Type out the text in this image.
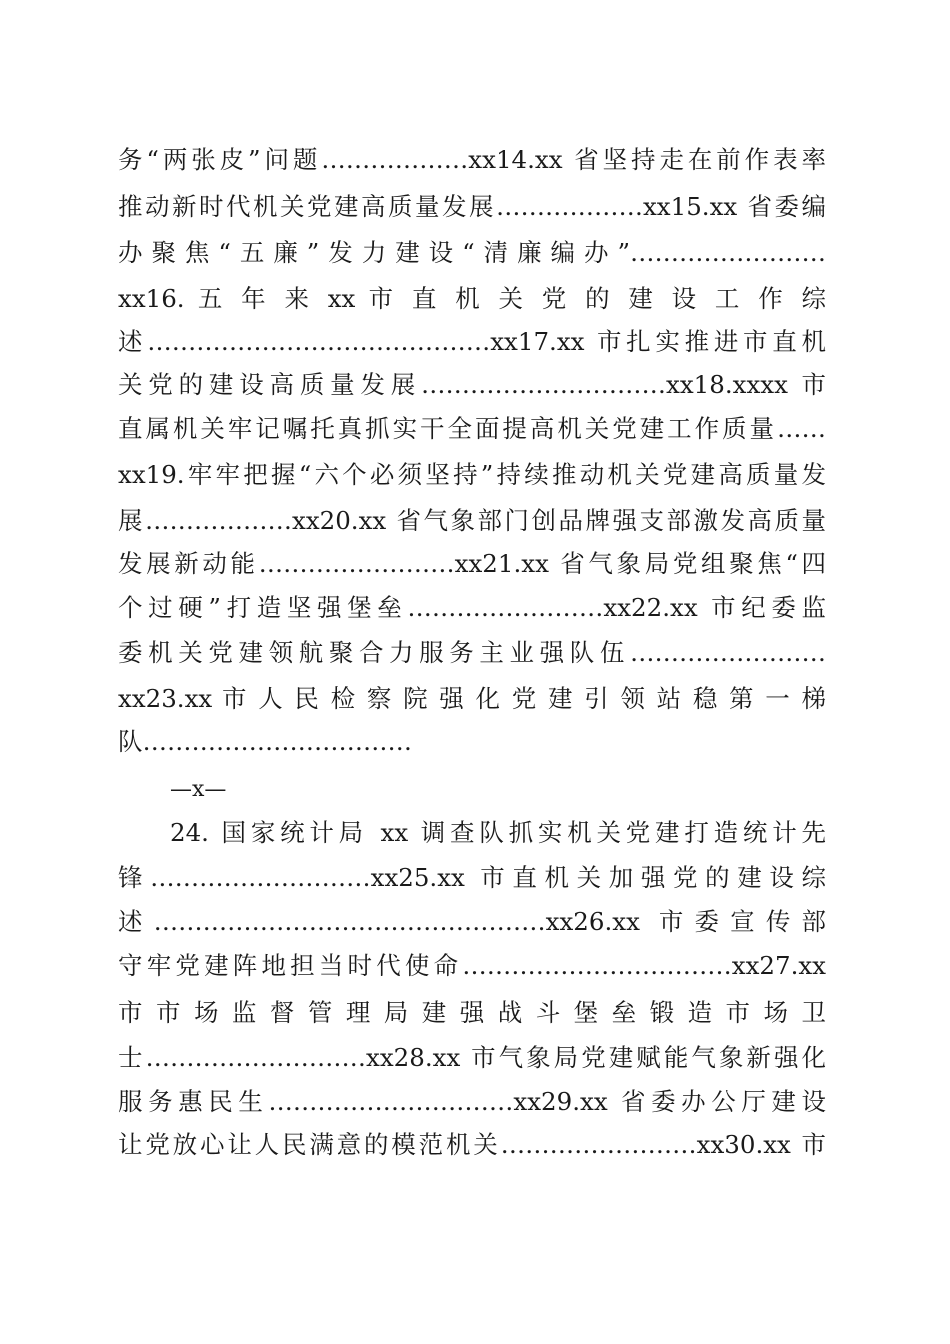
务“两张皮”问题………………xx14.xx 省坚持走在前作表率
推动新时代机关党建高质量发展………………xx15.xx 省委编
办聚焦“五廉”发力建设“清廉编办”……………………
xx16. 五 年 来 xx 市 直 机 关 党 的 建 设 工 作 综
述……………………………………xx17.xx 市扎实推进市直机
关党的建设高质量发展…………………………xx18.xxxx 市
直属机关牢记嘱托真抓实干全面提高机关党建工作质量……
xx19.牢牢把握“六个必须坚持”持续推动机关党建高质量发
展………………xx20.xx 省气象部门创品牌强支部激发高质量
发展新动能……………………xx21.xx 省气象局党组聚焦“四
个过硬”打造坚强堡垒……………………xx22.xx 市纪委监
委机关党建领航聚合力服务主业强队伍……………………
xx23.xx 市 人 民 检 察 院 强 化 党 建 引 领 站 稳 第 一 梯
队……………………………
—x—
24. 国家统计局 xx 调查队抓实机关党建打造统计先
锋………………………xx25.xx 市直机关加强党的建设综
述…………………………………………xx26.xx 市委宣传部
守牢党建阵地担当时代使命……………………………xx27.xx
市 市 场 监 督 管 理 局 建 强 战 斗 堡 垒 锻 造 市 场 卫
士………………………xx28.xx 市气象局党建赋能气象新强化
服务惠民生…………………………xx29.xx 省委办公厅建设
让党放心让人民满意的模范机关……………………xx30.xx 市
